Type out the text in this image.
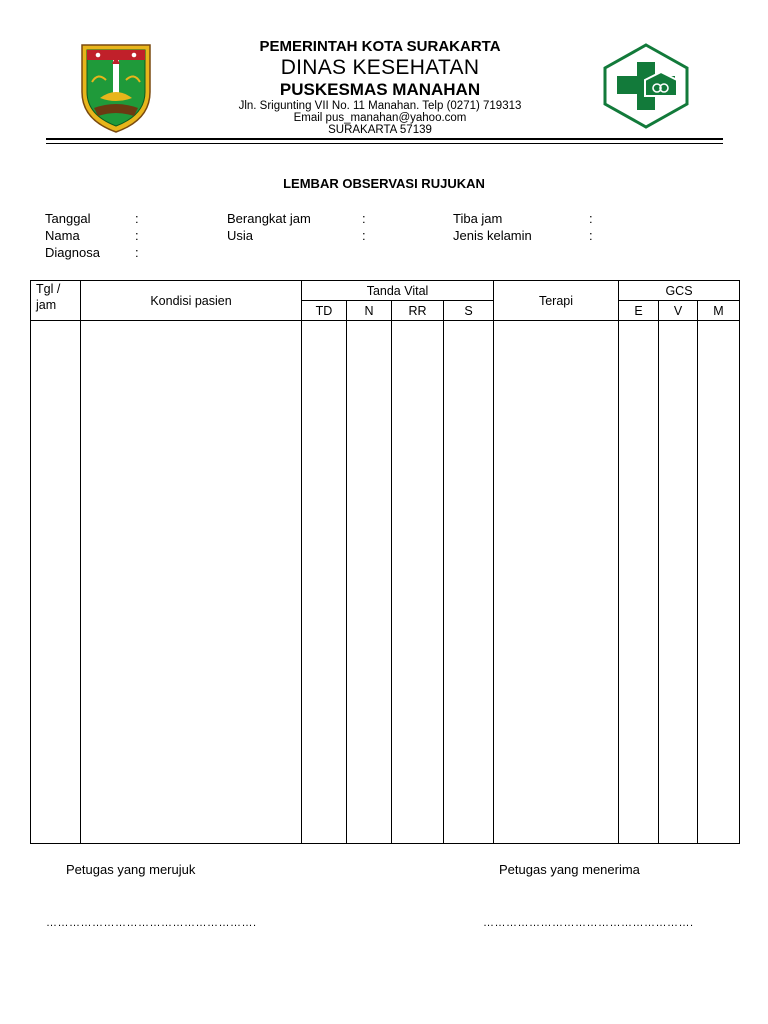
PEMERINTAH KOTA SURAKARTA
DINAS KESEHATAN
PUSKESMAS MANAHAN
Jln. Srigunting VII No. 11 Manahan. Telp (0271) 719313
Email pus_manahan@yahoo.com
SURAKARTA 57139
LEMBAR OBSERVASI RUJUKAN
Tanggal	:	Berangkat jam	:	Tiba jam	:
Nama	:	Usia	:	Jenis kelamin	:
Diagnosa	:
Tgl /
jam	Kondisi pasien	Tanda Vital				Terapi	GCS		
		TD	N	RR	S		E	V	M

Petugas yang merujuk	Petugas yang menerima
……………………………………………….	……………………………………………….
